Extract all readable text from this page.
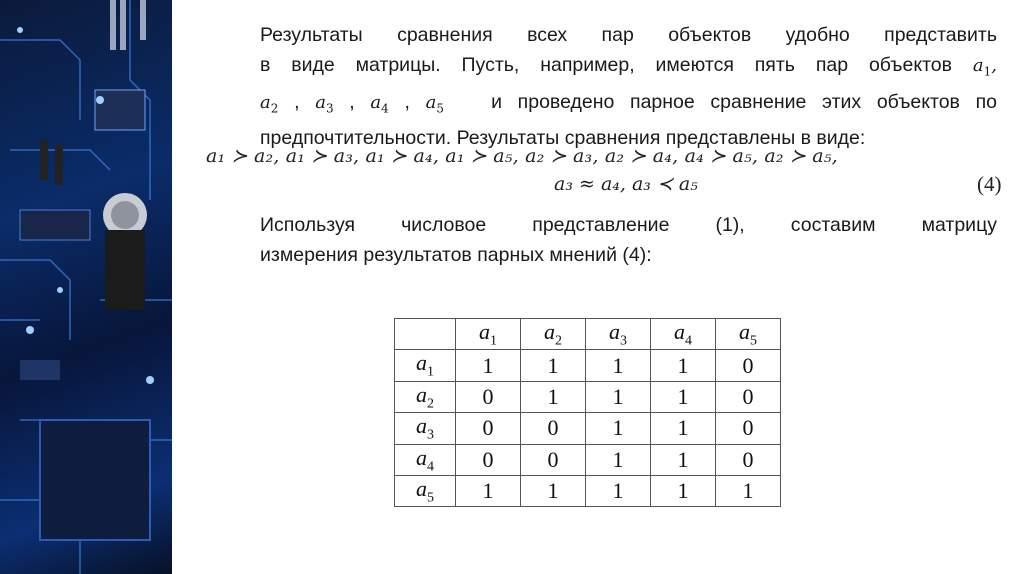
Результаты сравнения всех пар объектов удобно представить
в виде матрицы. Пусть, например, имеются пять пар объектов $a_1$,
$a_2$ , $a_3$ , $a_4$ , $a_5$ и проведено парное сравнение этих объектов по
предпочтительности. Результаты сравнения представлены в виде:
Используя числовое представление (1), составим матрицу
измерения результатов парных мнений (4):
a₁ ≻ a₂, a₁ ≻ a₃, a₁ ≻ a₄, a₁ ≻ a₅, a₂ ≻ a₃, a₂ ≻ a₄, a₄ ≻ a₅, a₂ ≻ a₅,
a₃ ≈ a₄, a₃ ≺ a₅	(4)
	$a_1$	$a_2$	$a_3$	$a_4$	$a_5$
$a_1$	1	1	1	1	0
$a_2$	0	1	1	1	0
$a_3$	0	0	1	1	0
$a_4$	0	0	1	1	0
$a_5$	1	1	1	1	1
